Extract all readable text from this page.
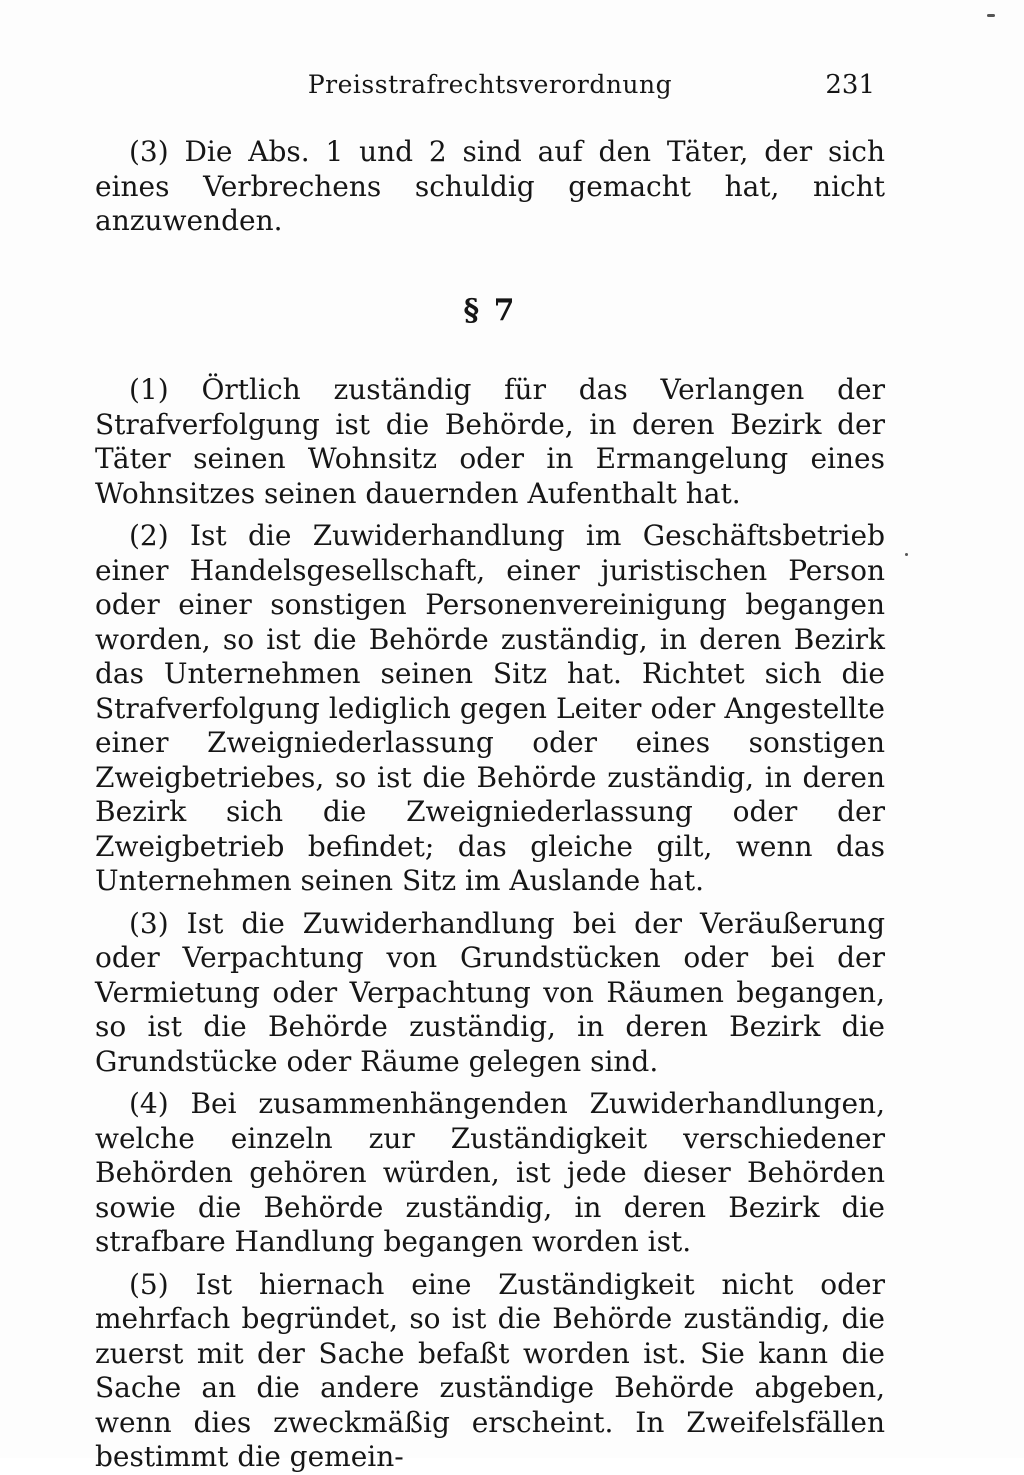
Preisstrafrechtsverordnung	231

(3) Die Abs. 1 und 2 sind auf den Täter, der sich eines Verbrechens schuldig gemacht hat, nicht anzuwenden.

§ 7

(1) Örtlich zuständig für das Verlangen der Strafverfolgung ist die Behörde, in deren Bezirk der Täter seinen Wohnsitz oder in Ermangelung eines Wohnsitzes seinen dauernden Aufenthalt hat.

(2) Ist die Zuwiderhandlung im Geschäftsbetrieb einer Handelsgesellschaft, einer juristischen Person oder einer sonstigen Personenvereinigung begangen worden, so ist die Behörde zuständig, in deren Bezirk das Unternehmen seinen Sitz hat. Richtet sich die Strafverfolgung lediglich gegen Leiter oder Angestellte einer Zweigniederlassung oder eines sonstigen Zweigbetriebes, so ist die Behörde zuständig, in deren Bezirk sich die Zweigniederlassung oder der Zweigbetrieb befindet; das gleiche gilt, wenn das Unternehmen seinen Sitz im Auslande hat.

(3) Ist die Zuwiderhandlung bei der Veräußerung oder Verpachtung von Grundstücken oder bei der Vermietung oder Verpachtung von Räumen begangen, so ist die Behörde zuständig, in deren Bezirk die Grundstücke oder Räume gelegen sind.

(4) Bei zusammenhängenden Zuwiderhandlungen, welche einzeln zur Zuständigkeit verschiedener Behörden gehören würden, ist jede dieser Behörden sowie die Behörde zuständig, in deren Bezirk die strafbare Handlung begangen worden ist.

(5) Ist hiernach eine Zuständigkeit nicht oder mehrfach begründet, so ist die Behörde zuständig, die zuerst mit der Sache befaßt worden ist. Sie kann die Sache an die andere zuständige Behörde abgeben, wenn dies zweckmäßig erscheint. In Zweifelsfällen bestimmt die gemein-
